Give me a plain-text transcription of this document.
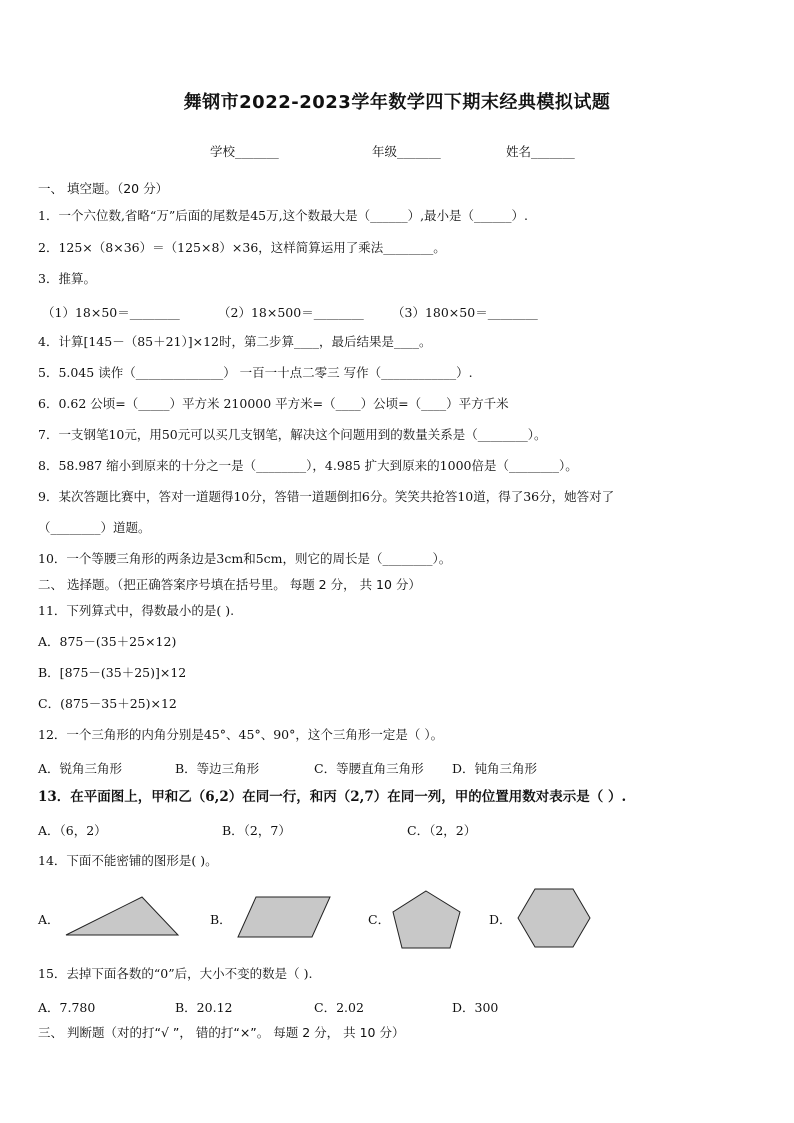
舞钢市2022-2023学年数学四下期末经典模拟试题
学校_______	年级_______	姓名_______
一、 填空题。（20 分）
1．一个六位数,省略“万”后面的尾数是45万,这个数最大是（______）,最小是（______）.
2．125×（8×36）＝（125×8）×36，这样简算运用了乘法________。
3．推算。
（1）18×50＝________	（2）18×500＝________ （3）180×50＝________
4．计算[145－（85＋21）]×12时，第二步算____，最后结果是____。
5．5.045 读作（______________） 一百一十点二零三 写作（____________）.
6．0.62 公顷=（_____）平方米 210000 平方米=（____）公顷=（____）平方千米
7．一支钢笔10元，用50元可以买几支钢笔，解决这个问题用到的数量关系是（________）。
8．58.987 缩小到原来的十分之一是（________），4.985 扩大到原来的1000倍是（________）。
9．某次答题比赛中，答对一道题得10分，答错一道题倒扣6分。笑笑共抢答10道，得了36分，她答对了
（________）道题。
10．一个等腰三角形的两条边是3cm和5cm，则它的周长是（________）。
二、 选择题。（把正确答案序号填在括号里。 每题 2 分， 共 10 分）
11．下列算式中，得数最小的是( ).
A．875－(35＋25×12)
B．[875－(35＋25)]×12
C．(875－35＋25)×12
12．一个三角形的内角分别是45°、45°、90°，这个三角形一定是（ ）。
A．锐角三角形	B．等边三角形	C．等腰直角三角形 D．钝角三角形
13．在平面图上，甲和乙（6,2）在同一行，和丙（2,7）在同一列，甲的位置用数对表示是（ ）.
A．（6，2）	B．（2，7）	C．（2，2）
14．下面不能密铺的图形是( )。
A．	B．	C．	D．
15．去掉下面各数的“0”后，大小不变的数是（ ).
A．7.780	B．20.12	C．2.02	D．300
三、 判断题（对的打“√ ”， 错的打“×”。 每题 2 分， 共 10 分）
